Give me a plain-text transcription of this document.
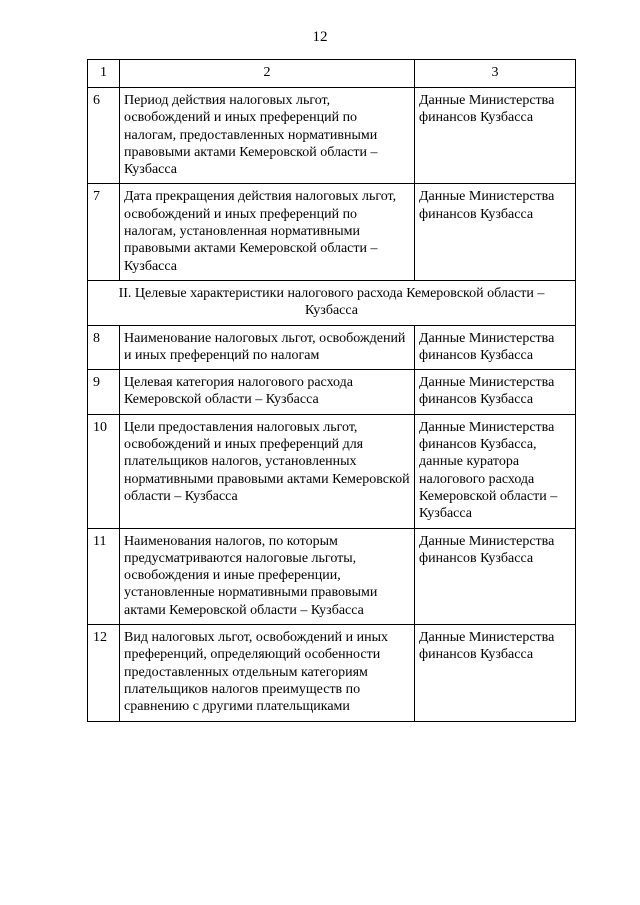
12
1	2	3

6	Период действия налоговых льгот, освобождений и иных преференций по налогам, предоставленных нормативными правовыми актами Кемеровской области – Кузбасса	Данные Министерства финансов Кузбасса

7	Дата прекращения действия налоговых льгот, освобождений и иных преференций по налогам, установленная нормативными правовыми актами Кемеровской области – Кузбасса	Данные Министерства финансов Кузбасса

II. Целевые характеристики налогового расхода Кемеровской области – Кузбасса		

8	Наименование налоговых льгот, освобождений и иных преференций по налогам	Данные Министерства финансов Кузбасса

9	Целевая категория налогового расхода Кемеровской области – Кузбасса	Данные Министерства финансов Кузбасса

10	Цели предоставления налоговых льгот, освобождений и иных преференций для плательщиков налогов, установленных нормативными правовыми актами Кемеровской области – Кузбасса	Данные Министерства финансов Кузбасса, данные куратора налогового расхода Кемеровской области – Кузбасса

11	Наименования налогов, по которым предусматриваются налоговые льготы, освобождения и иные преференции, установленные нормативными правовыми актами Кемеровской области – Кузбасса	Данные Министерства финансов Кузбасса

12	Вид налоговых льгот, освобождений и иных преференций, определяющий особенности предоставленных отдельным категориям плательщиков налогов преимуществ по сравнению с другими плательщиками	Данные Министерства финансов Кузбасса
